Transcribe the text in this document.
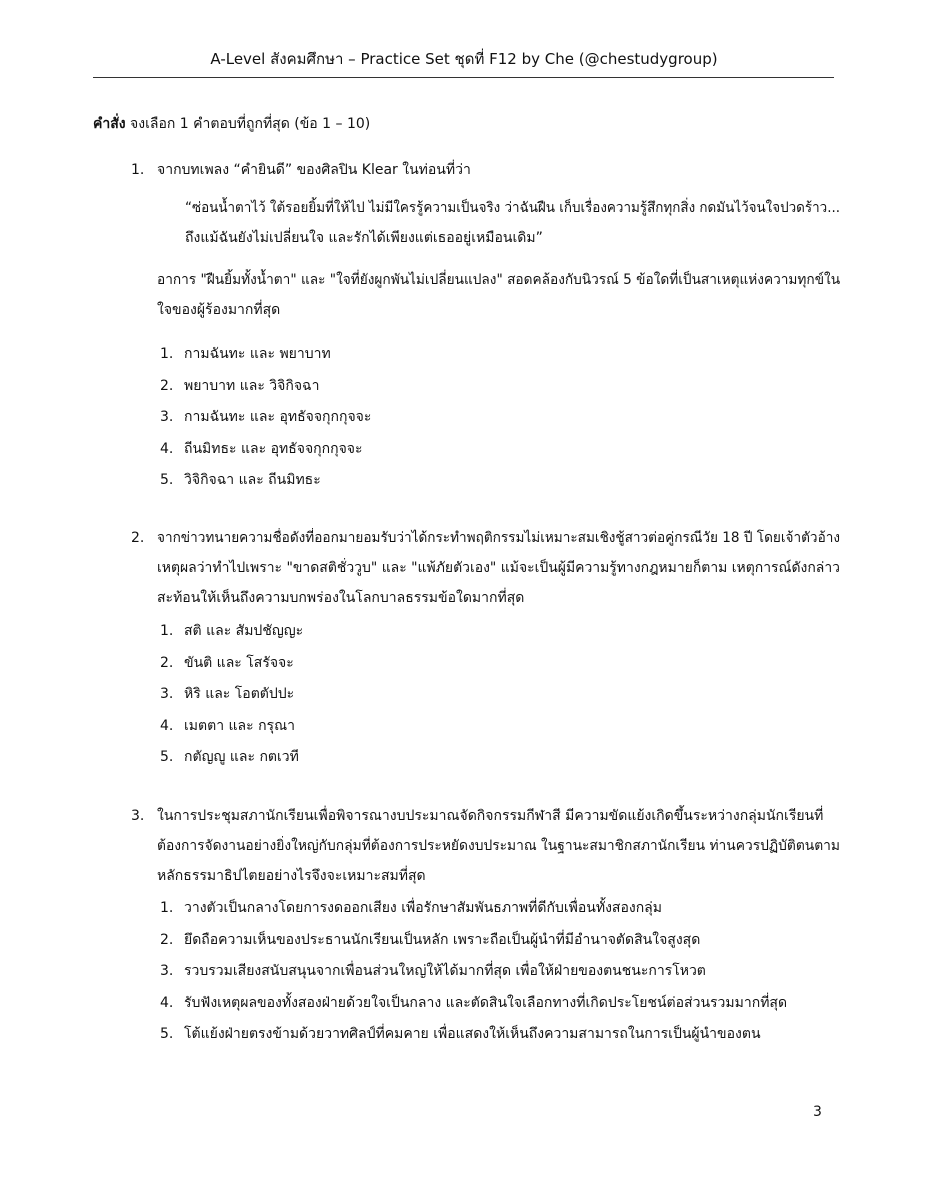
A-Level สังคมศึกษา – Practice Set ชุดที่ F12 by Che (@chestudygroup)
คำสั่ง จงเลือก 1 คำตอบที่ถูกที่สุด (ข้อ 1 – 10)
1. จากบทเพลง “คำยินดี” ของศิลปิน Klear ในท่อนที่ว่า
“ซ่อนน้ำตาไว้ ใต้รอยยิ้มที่ให้ไป ไม่มีใครรู้ความเป็นจริง ว่าฉันฝืน เก็บเรื่องความรู้สึกทุกสิ่ง กดมันไว้จนใจปวดร้าว...
ถึงแม้ฉันยังไม่เปลี่ยนใจ และรักได้เพียงแต่เธออยู่เหมือนเดิม”
อาการ "ฝืนยิ้มทั้งน้ำตา" และ "ใจที่ยังผูกพันไม่เปลี่ยนแปลง" สอดคล้องกับนิวรณ์ 5 ข้อใดที่เป็นสาเหตุแห่งความทุกข์ใน
ใจของผู้ร้องมากที่สุด
1. กามฉันทะ และ พยาบาท
2. พยาบาท และ วิจิกิจฉา
3. กามฉันทะ และ อุทธัจจกุกกุจจะ
4. ถีนมิทธะ และ อุทธัจจกุกกุจจะ
5. วิจิกิจฉา และ ถีนมิทธะ
2. จากข่าวทนายความชื่อดังที่ออกมายอมรับว่าได้กระทำพฤติกรรมไม่เหมาะสมเชิงชู้สาวต่อคู่กรณีวัย 18 ปี โดยเจ้าตัวอ้าง
เหตุผลว่าทำไปเพราะ "ขาดสติชั่ววูบ" และ "แพ้ภัยตัวเอง" แม้จะเป็นผู้มีความรู้ทางกฎหมายก็ตาม เหตุการณ์ดังกล่าว
สะท้อนให้เห็นถึงความบกพร่องในโลกบาลธรรมข้อใดมากที่สุด
1. สติ และ สัมปชัญญะ
2. ขันติ และ โสรัจจะ
3. หิริ และ โอตตัปปะ
4. เมตตา และ กรุณา
5. กตัญญู และ กตเวที
3. ในการประชุมสภานักเรียนเพื่อพิจารณางบประมาณจัดกิจกรรมกีฬาสี มีความขัดแย้งเกิดขึ้นระหว่างกลุ่มนักเรียนที่
ต้องการจัดงานอย่างยิ่งใหญ่กับกลุ่มที่ต้องการประหยัดงบประมาณ ในฐานะสมาชิกสภานักเรียน ท่านควรปฏิบัติตนตาม
หลักธรรมาธิปไตยอย่างไรจึงจะเหมาะสมที่สุด
1. วางตัวเป็นกลางโดยการงดออกเสียง เพื่อรักษาสัมพันธภาพที่ดีกับเพื่อนทั้งสองกลุ่ม
2. ยึดถือความเห็นของประธานนักเรียนเป็นหลัก เพราะถือเป็นผู้นำที่มีอำนาจตัดสินใจสูงสุด
3. รวบรวมเสียงสนับสนุนจากเพื่อนส่วนใหญ่ให้ได้มากที่สุด เพื่อให้ฝ่ายของตนชนะการโหวต
4. รับฟังเหตุผลของทั้งสองฝ่ายด้วยใจเป็นกลาง และตัดสินใจเลือกทางที่เกิดประโยชน์ต่อส่วนรวมมากที่สุด
5. โต้แย้งฝ่ายตรงข้ามด้วยวาทศิลป์ที่คมคาย เพื่อแสดงให้เห็นถึงความสามารถในการเป็นผู้นำของตน
3
